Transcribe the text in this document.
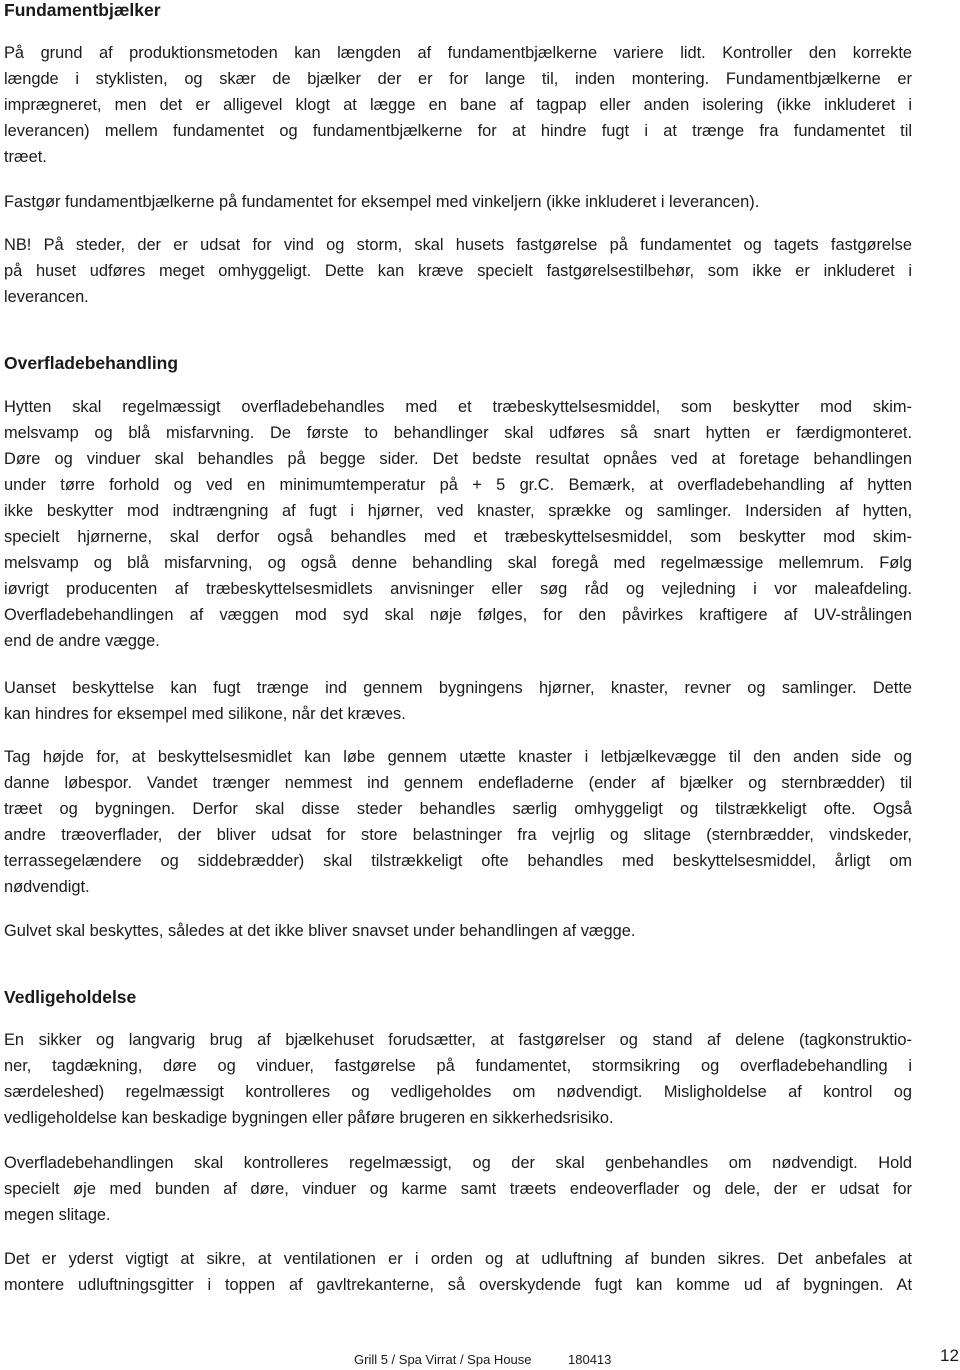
Fundamentbjælker

På grund af produktionsmetoden kan længden af fundamentbjælkerne variere lidt. Kontroller den korrekte
længde i styklisten, og skær de bjælker der er for lange til, inden montering. Fundamentbjælkerne er
imprægneret, men det er alligevel klogt at lægge en bane af tagpap eller anden isolering (ikke inkluderet i
leverancen) mellem fundamentet og fundamentbjælkerne for at hindre fugt i at trænge fra fundamentet til
træet.

Fastgør fundamentbjælkerne på fundamentet for eksempel med vinkeljern (ikke inkluderet i leverancen).

NB! På steder, der er udsat for vind og storm, skal husets fastgørelse på fundamentet og tagets fastgørelse
på huset udføres meget omhyggeligt. Dette kan kræve specielt fastgørelsestilbehør, som ikke er inkluderet i
leverancen.

Overfladebehandling

Hytten skal regelmæssigt overfladebehandles med et træbeskyttelsesmiddel, som beskytter mod skim-
melsvamp og blå misfarvning. De første to behandlinger skal udføres så snart hytten er færdigmonteret.
Døre og vinduer skal behandles på begge sider. Det bedste resultat opnåes ved at foretage behandlingen
under tørre forhold og ved en minimumtemperatur på + 5 gr.C. Bemærk, at overfladebehandling af hytten
ikke beskytter mod indtrængning af fugt i hjørner, ved knaster, sprække og samlinger. Indersiden af hytten,
specielt hjørnerne, skal derfor også behandles med et træbeskyttelsesmiddel, som beskytter mod skim-
melsvamp og blå misfarvning, og også denne behandling skal foregå med regelmæssige mellemrum. Følg
iøvrigt producenten af træbeskyttelsesmidlets anvisninger eller søg råd og vejledning i vor maleafdeling.
Overfladebehandlingen af væggen mod syd skal nøje følges, for den påvirkes kraftigere af UV-strålingen
end de andre vægge.

Uanset beskyttelse kan fugt trænge ind gennem bygningens hjørner, knaster, revner og samlinger. Dette
kan hindres for eksempel med silikone, når det kræves.

Tag højde for, at beskyttelsesmidlet kan løbe gennem utætte knaster i letbjælkevægge til den anden side og
danne løbespor. Vandet trænger nemmest ind gennem endefladerne (ender af bjælker og sternbrædder) til
træet og bygningen. Derfor skal disse steder behandles særlig omhyggeligt og tilstrækkeligt ofte. Også
andre træoverflader, der bliver udsat for store belastninger fra vejrlig og slitage (sternbrædder, vindskeder,
terrassegelændere og siddebrædder) skal tilstrækkeligt ofte behandles med beskyttelsesmiddel, årligt om
nødvendigt.

Gulvet skal beskyttes, således at det ikke bliver snavset under behandlingen af vægge.

Vedligeholdelse

En sikker og langvarig brug af bjælkehuset forudsætter, at fastgørelser og stand af delene (tagkonstruktio-
ner, tagdækning, døre og vinduer, fastgørelse på fundamentet, stormsikring og overfladebehandling i
særdeleshed) regelmæssigt kontrolleres og vedligeholdes om nødvendigt. Misligholdelse af kontrol og
vedligeholdelse kan beskadige bygningen eller påføre brugeren en sikkerhedsrisiko.

Overfladebehandlingen skal kontrolleres regelmæssigt, og der skal genbehandles om nødvendigt. Hold
specielt øje med bunden af døre, vinduer og karme samt træets endeoverflader og dele, der er udsat for
megen slitage.

Det er yderst vigtigt at sikre, at ventilationen er i orden og at udluftning af bunden sikres. Det anbefales at
montere udluftningsgitter i toppen af gavltrekanterne, så overskydende fugt kan komme ud af bygningen. At

Grill 5 / Spa Virrat / Spa House	180413	12
